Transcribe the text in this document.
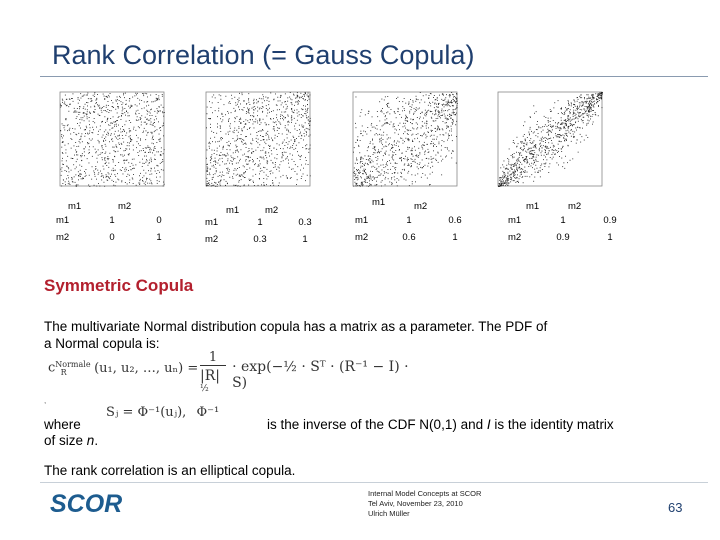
Rank Correlation (= Gauss Copula)
m1	m2
m1	1	0
m2	0	1
m1	m2
m1	1	0.3
m2	0.3	1
m1	m2
m1	1	0.6
m2	0.6	1
m1	m2
m1	1	0.9
m2	0.9	1
Symmetric Copula
The multivariate Normal distribution copula has a matrix as a parameter. The PDF of
a Normal copula is:
$c^{Normale}_R$ (u₁, u₂, …, uₙ) =
1
$|R|^{\frac{1}{2}}$
· exp(−½ · Sᵀ · (R⁻¹ − I) · S)
,
where
Sⱼ = Φ⁻¹(uⱼ), Φ⁻¹
is the inverse of the CDF N(0,1) and I is the identity matrix
of size n.
The rank correlation is an elliptical copula.
SCOR	Internal Model Concepts at SCOR
Tel Aviv, November 23, 2010
Ulrich Müller	63
